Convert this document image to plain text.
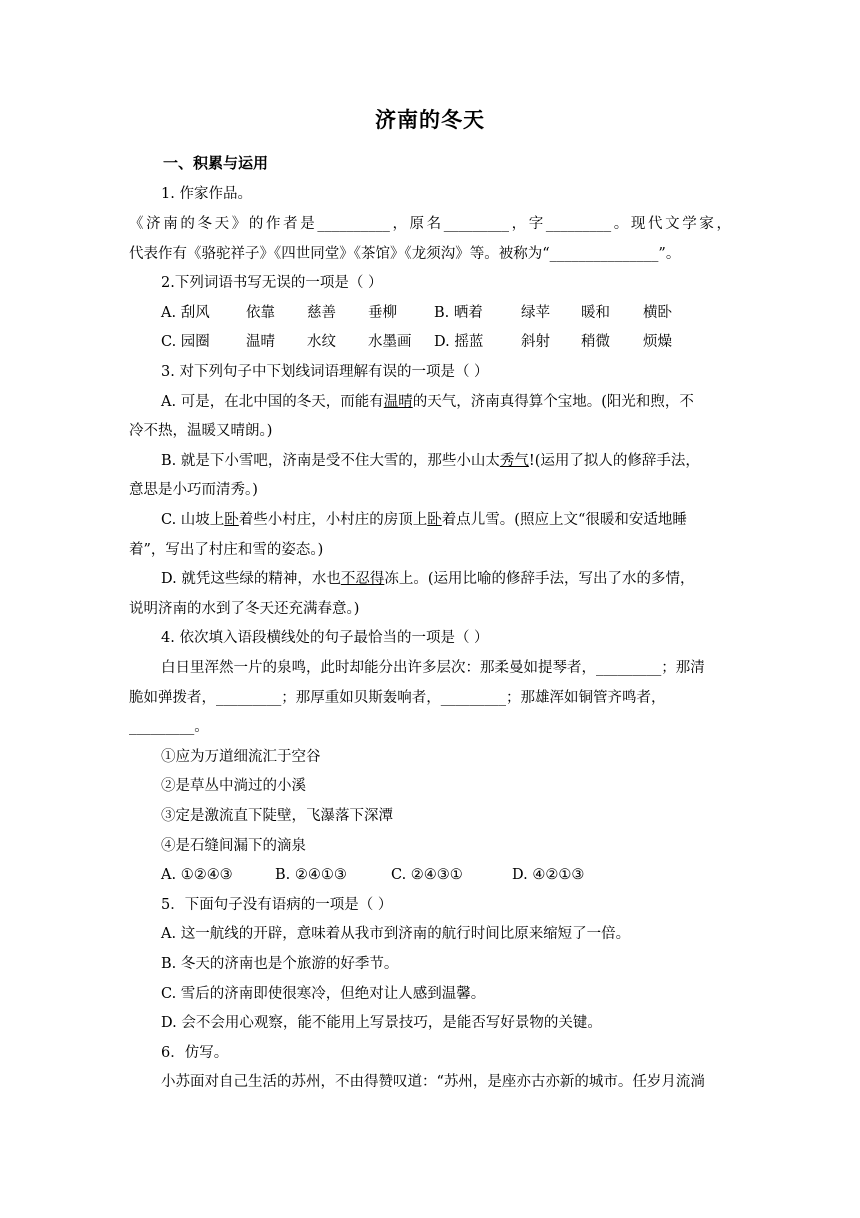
济南的冬天
一、积累与运用
1. 作家作品。
《济南的冬天》的作者是__________，原名_________，字_________。现代文学家，
代表作有《骆驼祥子》《四世同堂》《茶馆》《龙须沟》等。被称为“_______________”。
2.下列词语书写无误的一项是（ ）
A. 刮风	依靠	慈善	垂柳	B. 晒着	绿苹	暖和	横卧
C. 园圈	温晴	水纹	水墨画	D. 摇蓝	斜射	稍微	烦燥
3. 对下列句子中下划线词语理解有误的一项是（ ）
A. 可是，在北中国的冬天，而能有温晴的天气，济南真得算个宝地。(阳光和煦，不
冷不热，温暖又晴朗。)
B. 就是下小雪吧，济南是受不住大雪的，那些小山太秀气!(运用了拟人的修辞手法，
意思是小巧而清秀。)
C. 山坡上卧着些小村庄，小村庄的房顶上卧着点儿雪。(照应上文“很暖和安适地睡
着”，写出了村庄和雪的姿态。)
D. 就凭这些绿的精神，水也不忍得冻上。(运用比喻的修辞手法，写出了水的多情，
说明济南的水到了冬天还充满春意。)
4. 依次填入语段横线处的句子最恰当的一项是（ ）
白日里浑然一片的泉鸣，此时却能分出许多层次：那柔曼如提琴者，_________；那清
脆如弹拨者，_________；那厚重如贝斯轰响者，_________；那雄浑如铜管齐鸣者，
_________。
①应为万道细流汇于空谷
②是草丛中淌过的小溪
③定是激流直下陡壁，飞瀑落下深潭
④是石缝间漏下的滴泉
A. ①②④③	B. ②④①③	C. ②④③①	D. ④②①③
5．下面句子没有语病的一项是（ ）
A. 这一航线的开辟，意味着从我市到济南的航行时间比原来缩短了一倍。
B. 冬天的济南也是个旅游的好季节。
C. 雪后的济南即使很寒冷，但绝对让人感到温馨。
D. 会不会用心观察，能不能用上写景技巧，是能否写好景物的关键。
6．仿写。
小苏面对自己生活的苏州，不由得赞叹道：“苏州，是座亦古亦新的城市。任岁月流淌
